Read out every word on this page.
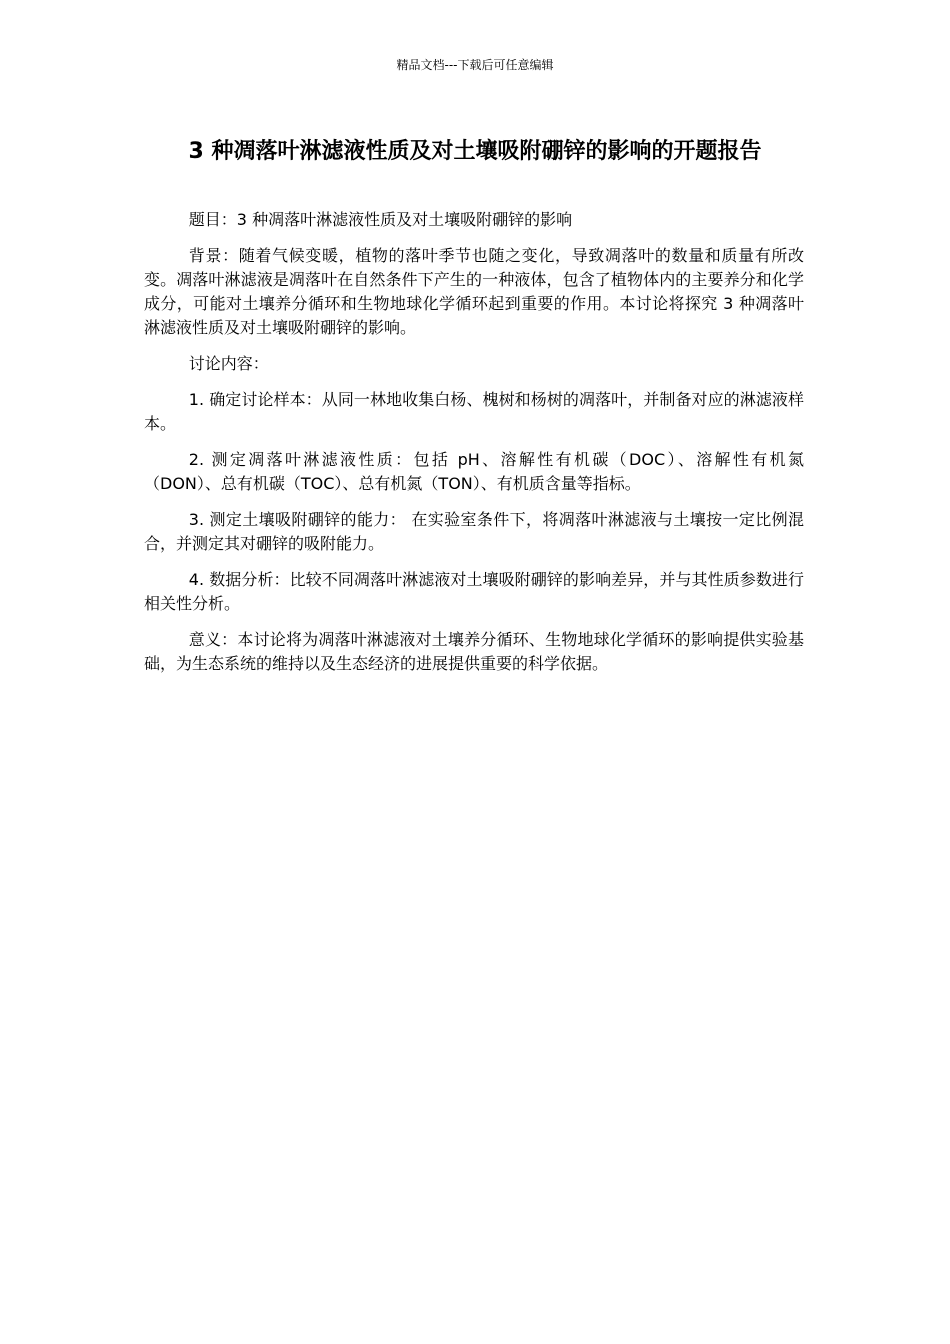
精品文档---下载后可任意编辑
3 种凋落叶淋滤液性质及对土壤吸附硼锌的影响的开题报告

题目：3 种凋落叶淋滤液性质及对土壤吸附硼锌的影响

背景：随着气候变暖，植物的落叶季节也随之变化，导致凋落叶的数量和质量有所改变。凋落叶淋滤液是凋落叶在自然条件下产生的一种液体，包含了植物体内的主要养分和化学成分，可能对土壤养分循环和生物地球化学循环起到重要的作用。本讨论将探究 3 种凋落叶淋滤液性质及对土壤吸附硼锌的影响。

讨论内容：

1. 确定讨论样本：从同一林地收集白杨、槐树和杨树的凋落叶，并制备对应的淋滤液样本。

2. 测定凋落叶淋滤液性质：包括 pH、溶解性有机碳（DOC）、溶解性有机氮（DON）、总有机碳（TOC）、总有机氮（TON）、有机质含量等指标。

3. 测定土壤吸附硼锌的能力： 在实验室条件下，将凋落叶淋滤液与土壤按一定比例混合，并测定其对硼锌的吸附能力。

4. 数据分析：比较不同凋落叶淋滤液对土壤吸附硼锌的影响差异，并与其性质参数进行相关性分析。

意义：本讨论将为凋落叶淋滤液对土壤养分循环、生物地球化学循环的影响提供实验基础，为生态系统的维持以及生态经济的进展提供重要的科学依据。
